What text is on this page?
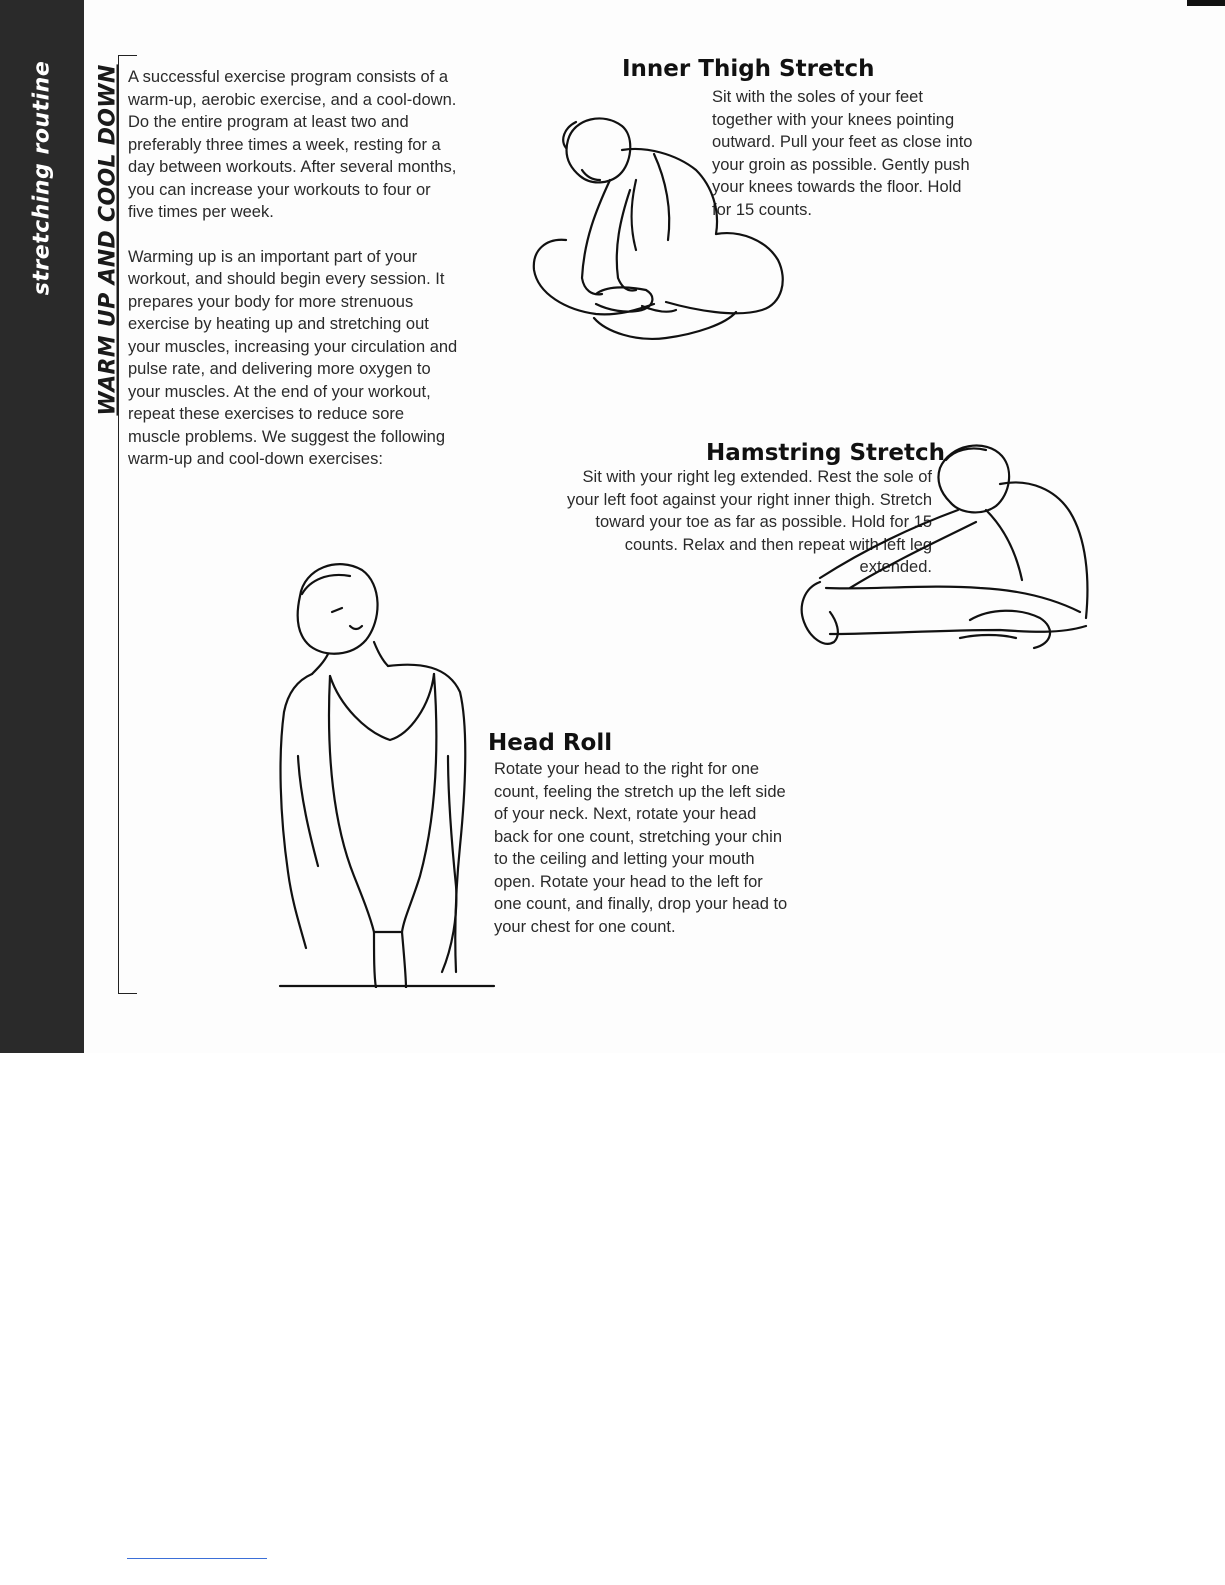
stretching routine WARM UP AND COOL DOWN A successful exercise program consists of a warm-up, aerobic exercise, and a cool-down. Do the entire program at least two and preferably three times a week, resting for a day between workouts. After several months, you can increase your workouts to four or five times per week.

Warming up is an important part of your workout, and should begin every session. It prepares your body for more strenuous exercise by heating up and stretching out your muscles, increasing your circulation and pulse rate, and delivering more oxygen to your muscles. At the end of your workout, repeat these exercises to reduce sore muscle problems. We suggest the following warm-up and cool-down exercises:

Inner Thigh Stretch
Sit with the soles of your feet together with your knees pointing outward. Pull your feet as close into your groin as possible. Gently push your knees towards the floor. Hold for 15 counts.
Hamstring Stretch
Sit with your right leg extended. Rest the sole of your left foot against your right inner thigh. Stretch toward your toe as far as possible. Hold for 15 counts. Relax and then repeat with left leg extended.
Head Roll
Rotate your head to the right for one count, feeling the stretch up the left side of your neck. Next, rotate your head back for one count, stretching your chin to the ceiling and letting your mouth open. Rotate your head to the left for one count, and finally, drop your head to your chest for one count.
